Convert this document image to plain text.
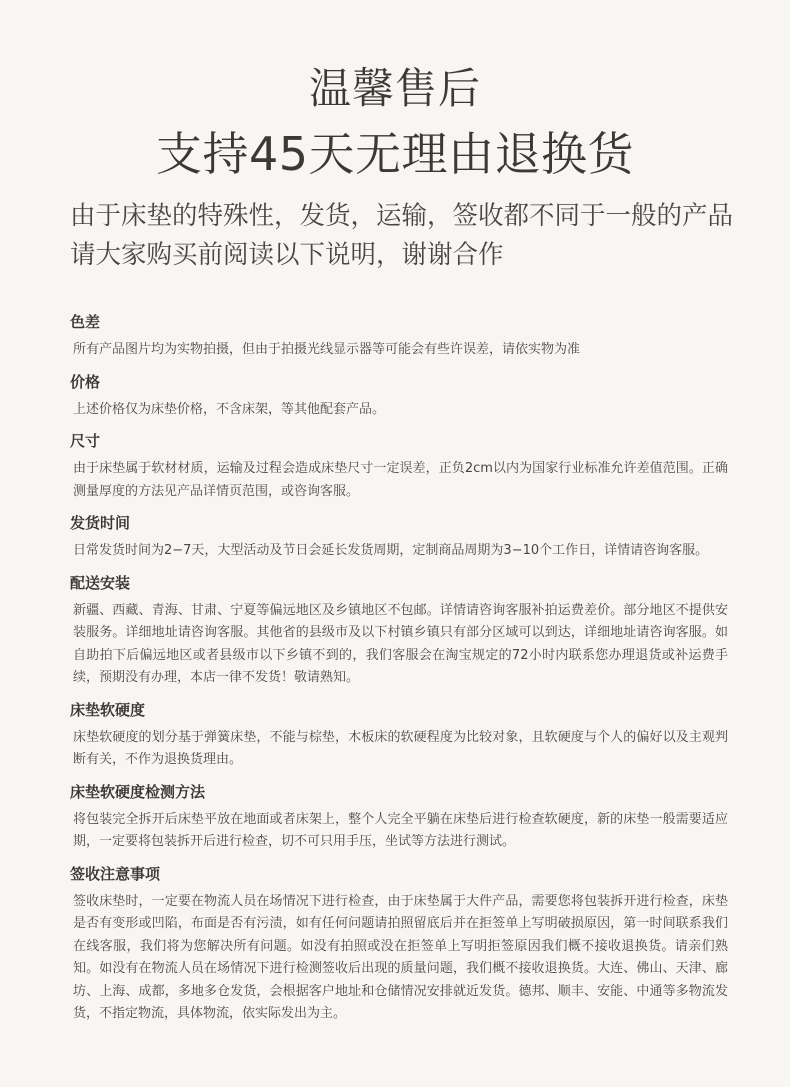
温馨售后
支持45天无理由退换货
由于床垫的特殊性，发货，运输，签收都不同于一般的产品
请大家购买前阅读以下说明，谢谢合作
色差
所有产品图片均为实物拍摄，但由于拍摄光线显示器等可能会有些许误差，请依实物为准
价格
上述价格仅为床垫价格，不含床架，等其他配套产品。
尺寸
由于床垫属于软材材质，运输及过程会造成床垫尺寸一定误差，正负2cm以内为国家行业标准允许差值范围。正确测量厚度的方法见产品详情页范围，或咨询客服。
发货时间
日常发货时间为2−7天，大型活动及节日会延长发货周期，定制商品周期为3−10个工作日，详情请咨询客服。
配送安装
新疆、西藏、青海、甘肃、宁夏等偏远地区及乡镇地区不包邮。详情请咨询客服补拍运费差价。部分地区不提供安装服务。详细地址请咨询客服。其他省的县级市及以下村镇乡镇只有部分区域可以到达，详细地址请咨询客服。如自助拍下后偏远地区或者县级市以下乡镇不到的，我们客服会在淘宝规定的72小时内联系您办理退货或补运费手续，预期没有办理，本店一律不发货！敬请熟知。
床垫软硬度
床垫软硬度的划分基于弹簧床垫，不能与棕垫，木板床的软硬程度为比较对象，且软硬度与个人的偏好以及主观判断有关，不作为退换货理由。
床垫软硬度检测方法
将包装完全拆开后床垫平放在地面或者床架上，整个人完全平躺在床垫后进行检查软硬度，新的床垫一般需要适应期，一定要将包装拆开后进行检查，切不可只用手压，坐试等方法进行测试。
签收注意事项
签收床垫时，一定要在物流人员在场情况下进行检查，由于床垫属于大件产品，需要您将包装拆开进行检查，床垫是否有变形或凹陷，布面是否有污渍，如有任何问题请拍照留底后并在拒签单上写明破损原因，第一时间联系我们在线客服，我们将为您解决所有问题。如没有拍照或没在拒签单上写明拒签原因我们概不接收退换货。请亲们熟知。如没有在物流人员在场情况下进行检测签收后出现的质量问题，我们概不接收退换货。大连、佛山、天津、廊坊、上海、成都，多地多仓发货，会根据客户地址和仓储情况安排就近发货。德邦、顺丰、安能、中通等多物流发货，不指定物流，具体物流，依实际发出为主。
